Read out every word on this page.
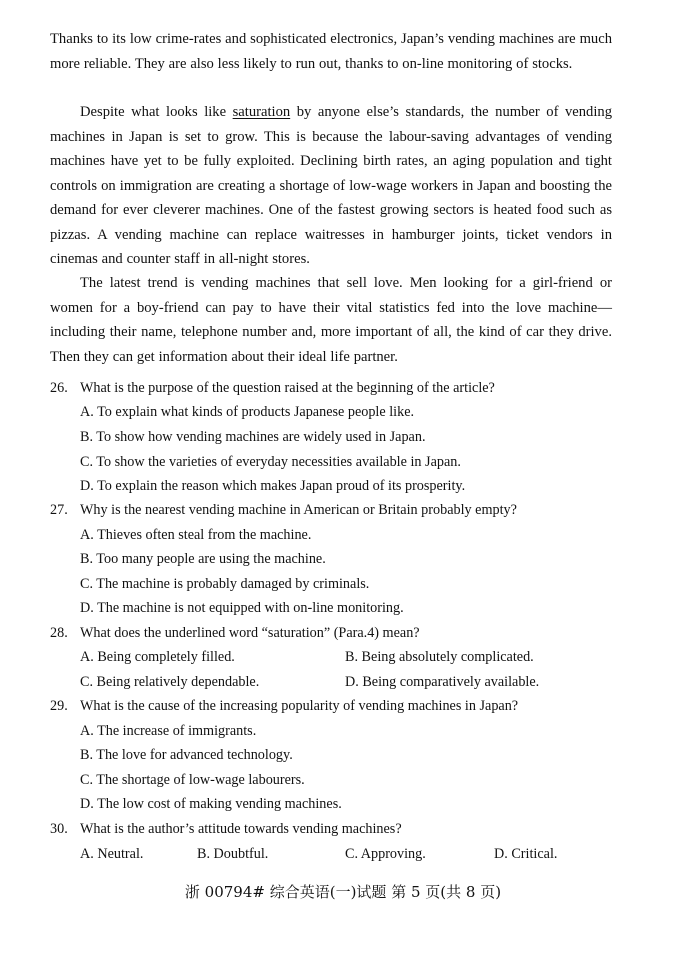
Thanks to its low crime-rates and sophisticated electronics, Japan’s vending machines are much more reliable. They are also less likely to run out, thanks to on-line monitoring of stocks.

Despite what looks like saturation by anyone else’s standards, the number of vending machines in Japan is set to grow. This is because the labour-saving advantages of vending machines have yet to be fully exploited. Declining birth rates, an aging population and tight controls on immigration are creating a shortage of low-wage workers in Japan and boosting the demand for ever cleverer machines. One of the fastest growing sectors is heated food such as pizzas. A vending machine can replace waitresses in hamburger joints, ticket vendors in cinemas and counter staff in all-night stores.

The latest trend is vending machines that sell love. Men looking for a girl-friend or women for a boy-friend can pay to have their vital statistics fed into the love machine—including their name, telephone number and, more important of all, the kind of car they drive. Then they can get information about their ideal life partner.

26. What is the purpose of the question raised at the beginning of the article?
A. To explain what kinds of products Japanese people like.
B. To show how vending machines are widely used in Japan.
C. To show the varieties of everyday necessities available in Japan.
D. To explain the reason which makes Japan proud of its prosperity.
27. Why is the nearest vending machine in American or Britain probably empty?
A. Thieves often steal from the machine.
B. Too many people are using the machine.
C. The machine is probably damaged by criminals.
D. The machine is not equipped with on-line monitoring.
28. What does the underlined word “saturation” (Para.4) mean?
A. Being completely filled.	B. Being absolutely complicated.
C. Being relatively dependable.	D. Being comparatively available.
29. What is the cause of the increasing popularity of vending machines in Japan?
A. The increase of immigrants.
B. The love for advanced technology.
C. The shortage of low-wage labourers.
D. The low cost of making vending machines.
30. What is the author’s attitude towards vending machines?
A. Neutral.	B. Doubtful.	C. Approving.	D. Critical.
浙 00794# 综合英语(一)试题 第 5 页(共 8 页)
